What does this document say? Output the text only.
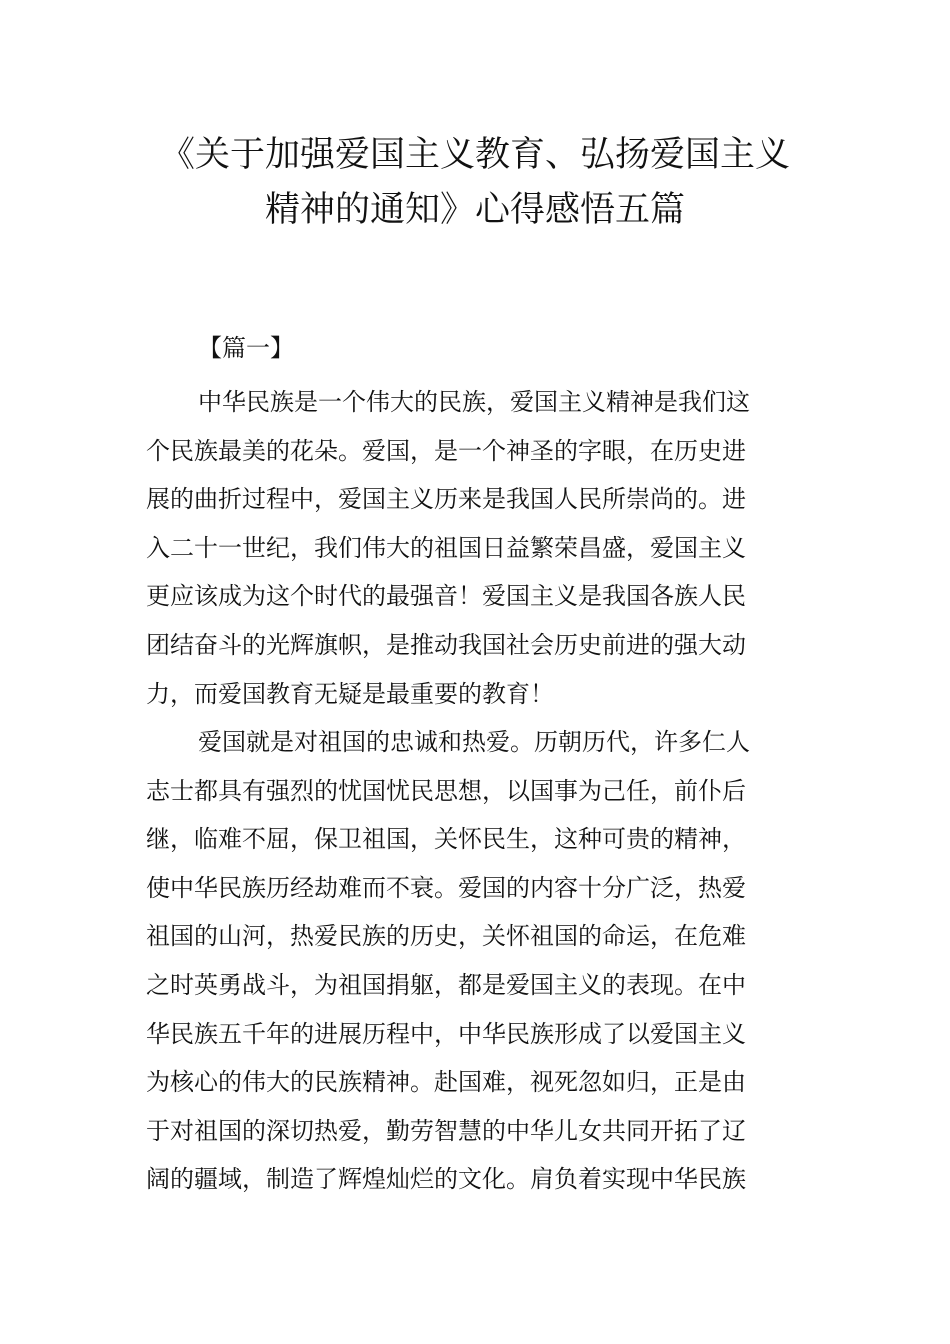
《关于加强爱国主义教育、弘扬爱国主义
精神的通知》心得感悟五篇
【篇一】
中华民族是一个伟大的民族，爱国主义精神是我们这
个民族最美的花朵。爱国，是一个神圣的字眼，在历史进
展的曲折过程中，爱国主义历来是我国人民所崇尚的。进
入二十一世纪，我们伟大的祖国日益繁荣昌盛，爱国主义
更应该成为这个时代的最强音！爱国主义是我国各族人民
团结奋斗的光辉旗帜，是推动我国社会历史前进的强大动
力，而爱国教育无疑是最重要的教育！
爱国就是对祖国的忠诚和热爱。历朝历代，许多仁人
志士都具有强烈的忧国忧民思想，以国事为己任，前仆后
继，临难不屈，保卫祖国，关怀民生，这种可贵的精神，
使中华民族历经劫难而不衰。爱国的内容十分广泛，热爱
祖国的山河，热爱民族的历史，关怀祖国的命运，在危难
之时英勇战斗，为祖国捐躯，都是爱国主义的表现。在中
华民族五千年的进展历程中，中华民族形成了以爱国主义
为核心的伟大的民族精神。赴国难，视死忽如归，正是由
于对祖国的深切热爱，勤劳智慧的中华儿女共同开拓了辽
阔的疆域，制造了辉煌灿烂的文化。肩负着实现中华民族
